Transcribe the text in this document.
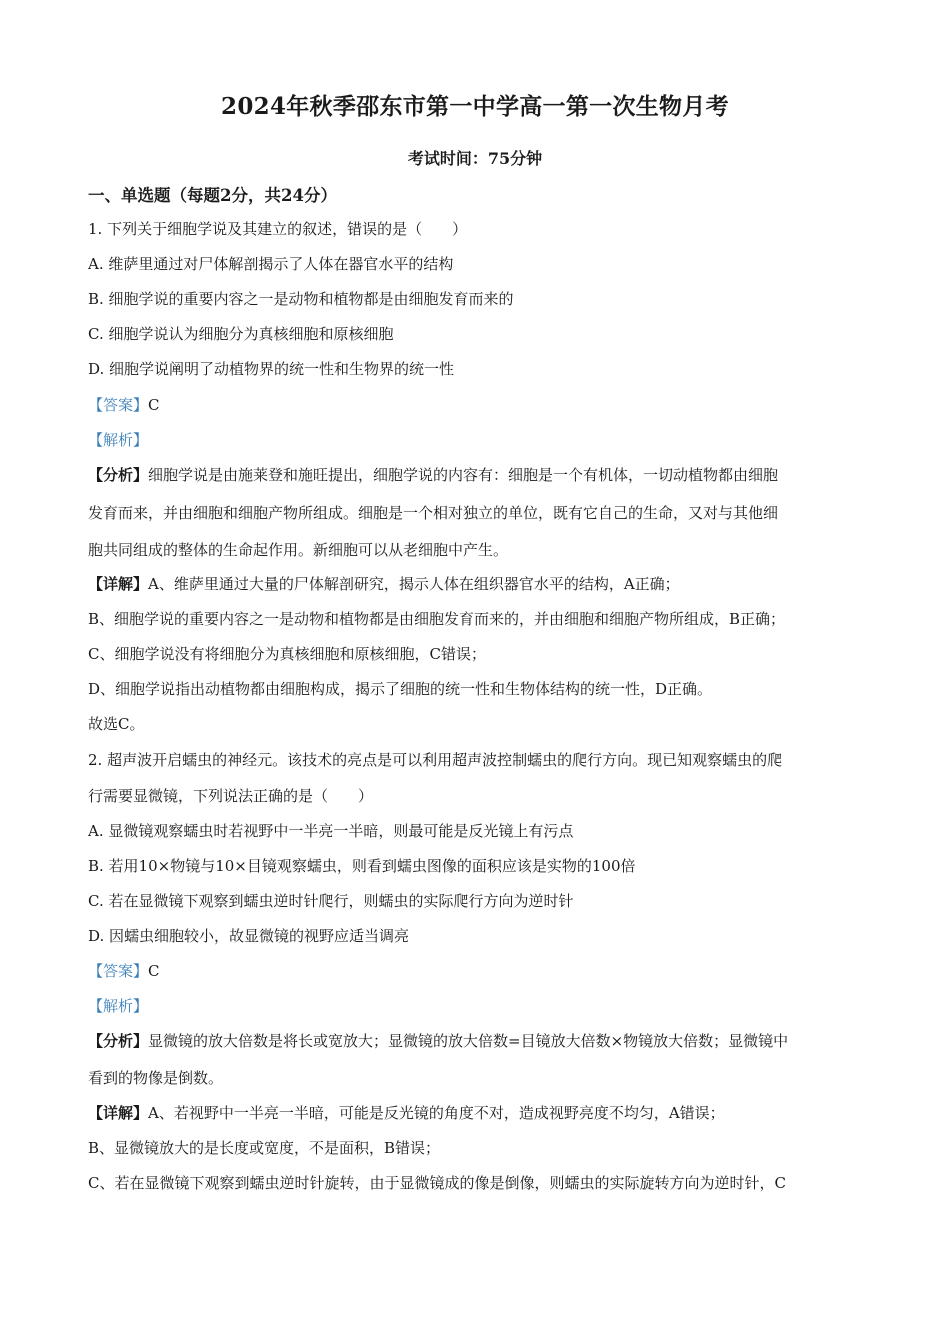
2024年秋季邵东市第一中学高一第一次生物月考
考试时间：75分钟
一、单选题（每题2分，共24分）
1. 下列关于细胞学说及其建立的叙述，错误的是（　　）
A. 维萨里通过对尸体解剖揭示了人体在器官水平的结构
B. 细胞学说的重要内容之一是动物和植物都是由细胞发育而来的
C. 细胞学说认为细胞分为真核细胞和原核细胞
D. 细胞学说阐明了动植物界的统一性和生物界的统一性
【答案】C
【解析】
【分析】细胞学说是由施莱登和施旺提出，细胞学说的内容有：细胞是一个有机体，一切动植物都由细胞
发育而来，并由细胞和细胞产物所组成。细胞是一个相对独立的单位，既有它自己的生命，又对与其他细
胞共同组成的整体的生命起作用。新细胞可以从老细胞中产生。
【详解】A、维萨里通过大量的尸体解剖研究，揭示人体在组织器官水平的结构，A正确；
B、细胞学说的重要内容之一是动物和植物都是由细胞发育而来的，并由细胞和细胞产物所组成，B正确；
C、细胞学说没有将细胞分为真核细胞和原核细胞，C错误；
D、细胞学说指出动植物都由细胞构成，揭示了细胞的统一性和生物体结构的统一性，D正确。
故选C。
2. 超声波开启蠕虫的神经元。该技术的亮点是可以利用超声波控制蠕虫的爬行方向。现已知观察蠕虫的爬
行需要显微镜，下列说法正确的是（　　）
A. 显微镜观察蠕虫时若视野中一半亮一半暗，则最可能是反光镜上有污点
B. 若用10×物镜与10×目镜观察蠕虫，则看到蠕虫图像的面积应该是实物的100倍
C. 若在显微镜下观察到蠕虫逆时针爬行，则蠕虫的实际爬行方向为逆时针
D. 因蠕虫细胞较小，故显微镜的视野应适当调亮
【答案】C
【解析】
【分析】显微镜的放大倍数是将长或宽放大；显微镜的放大倍数=目镜放大倍数×物镜放大倍数；显微镜中
看到的物像是倒数。
【详解】A、若视野中一半亮一半暗，可能是反光镜的角度不对，造成视野亮度不均匀，A错误；
B、显微镜放大的是长度或宽度，不是面积，B错误；
C、若在显微镜下观察到蠕虫逆时针旋转，由于显微镜成的像是倒像，则蠕虫的实际旋转方向为逆时针，C
